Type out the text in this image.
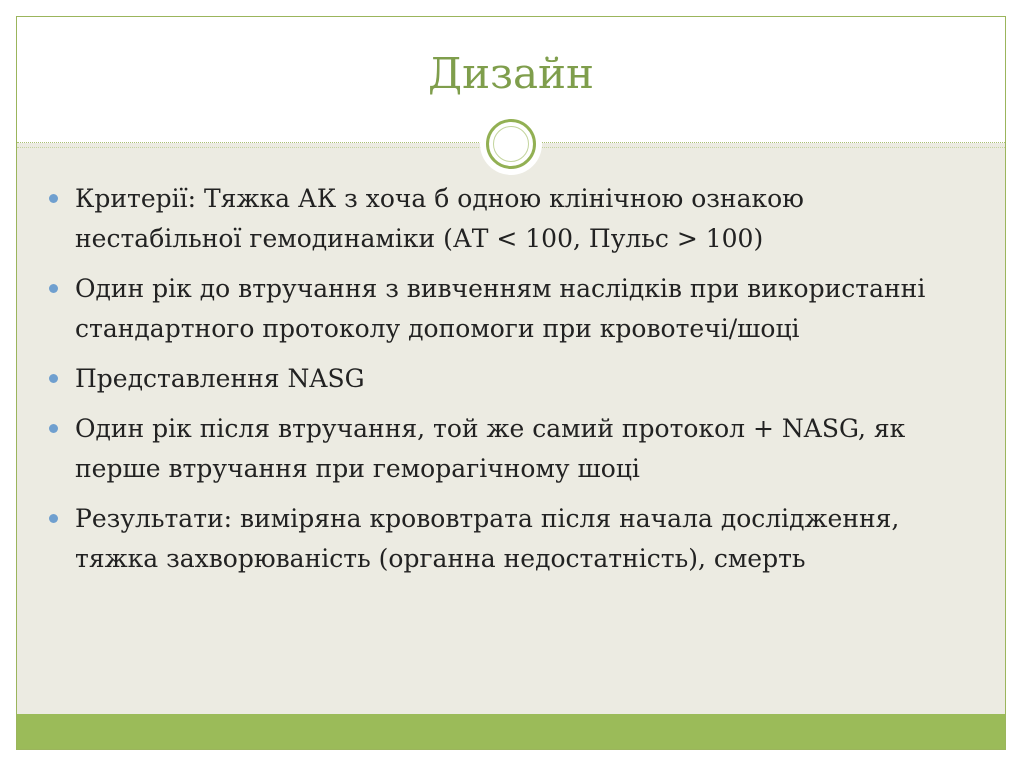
Дизайн
Критерії: Тяжка АК з хоча б одною клінічною ознакою нестабільної гемодинаміки (АТ < 100, Пульс > 100)
Один рік до втручання з вивченням наслідків при використанні стандартного протоколу допомоги при кровотечі/шоці
Представлення NASG
Один рік після втручання, той же самий протокол + NASG, як перше втручання при геморагічному шоці
Результати: виміряна крововтрата після начала дослідження, тяжка захворюваність (органна недостатність), смерть
